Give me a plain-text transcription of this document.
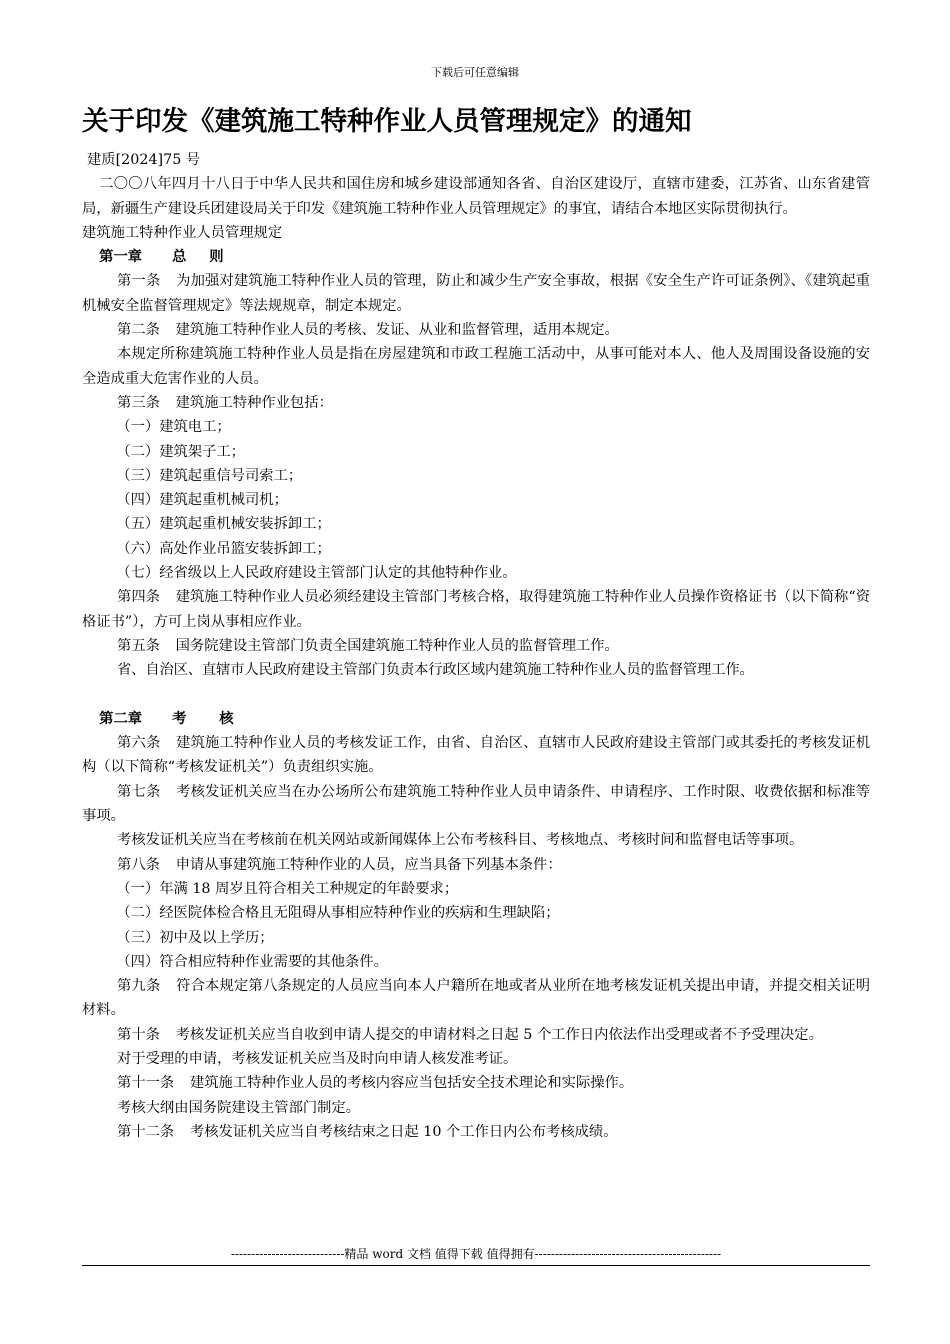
下载后可任意编辑
关于印发《建筑施工特种作业人员管理规定》的通知

建质[2024]75 号

二〇〇八年四月十八日于中华人民共和国住房和城乡建设部通知各省、自治区建设厅，直辖市建委，江苏省、山东省建管局，新疆生产建设兵团建设局关于印发《建筑施工特种作业人员管理规定》的事宜，请结合本地区实际贯彻执行。

建筑施工特种作业人员管理规定

第一章 总 则

第一条 为加强对建筑施工特种作业人员的管理，防止和减少生产安全事故，根据《安全生产许可证条例》、《建筑起重机械安全监督管理规定》等法规规章，制定本规定。

第二条 建筑施工特种作业人员的考核、发证、从业和监督管理，适用本规定。

本规定所称建筑施工特种作业人员是指在房屋建筑和市政工程施工活动中，从事可能对本人、他人及周围设备设施的安全造成重大危害作业的人员。

第三条 建筑施工特种作业包括：

（一）建筑电工；

（二）建筑架子工；

（三）建筑起重信号司索工；

（四）建筑起重机械司机；

（五）建筑起重机械安装拆卸工；

（六）高处作业吊篮安装拆卸工；

（七）经省级以上人民政府建设主管部门认定的其他特种作业。

第四条 建筑施工特种作业人员必须经建设主管部门考核合格，取得建筑施工特种作业人员操作资格证书（以下简称“资格证书”），方可上岗从事相应作业。

第五条 国务院建设主管部门负责全国建筑施工特种作业人员的监督管理工作。

省、自治区、直辖市人民政府建设主管部门负责本行政区域内建筑施工特种作业人员的监督管理工作。

第二章 考 核

第六条 建筑施工特种作业人员的考核发证工作，由省、自治区、直辖市人民政府建设主管部门或其委托的考核发证机构（以下简称“考核发证机关”）负责组织实施。

第七条 考核发证机关应当在办公场所公布建筑施工特种作业人员申请条件、申请程序、工作时限、收费依据和标准等事项。

考核发证机关应当在考核前在机关网站或新闻媒体上公布考核科目、考核地点、考核时间和监督电话等事项。

第八条 申请从事建筑施工特种作业的人员，应当具备下列基本条件：

（一）年满 18 周岁且符合相关工种规定的年龄要求；

（二）经医院体检合格且无阻碍从事相应特种作业的疾病和生理缺陷；

（三）初中及以上学历；

（四）符合相应特种作业需要的其他条件。

第九条 符合本规定第八条规定的人员应当向本人户籍所在地或者从业所在地考核发证机关提出申请，并提交相关证明材料。

第十条 考核发证机关应当自收到申请人提交的申请材料之日起 5 个工作日内依法作出受理或者不予受理决定。

对于受理的申请，考核发证机关应当及时向申请人核发准考证。

第十一条 建筑施工特种作业人员的考核内容应当包括安全技术理论和实际操作。

考核大纲由国务院建设主管部门制定。

第十二条 考核发证机关应当自考核结束之日起 10 个工作日内公布考核成绩。

----------------------------精品 word 文档 值得下载 值得拥有----------------------------------------------
